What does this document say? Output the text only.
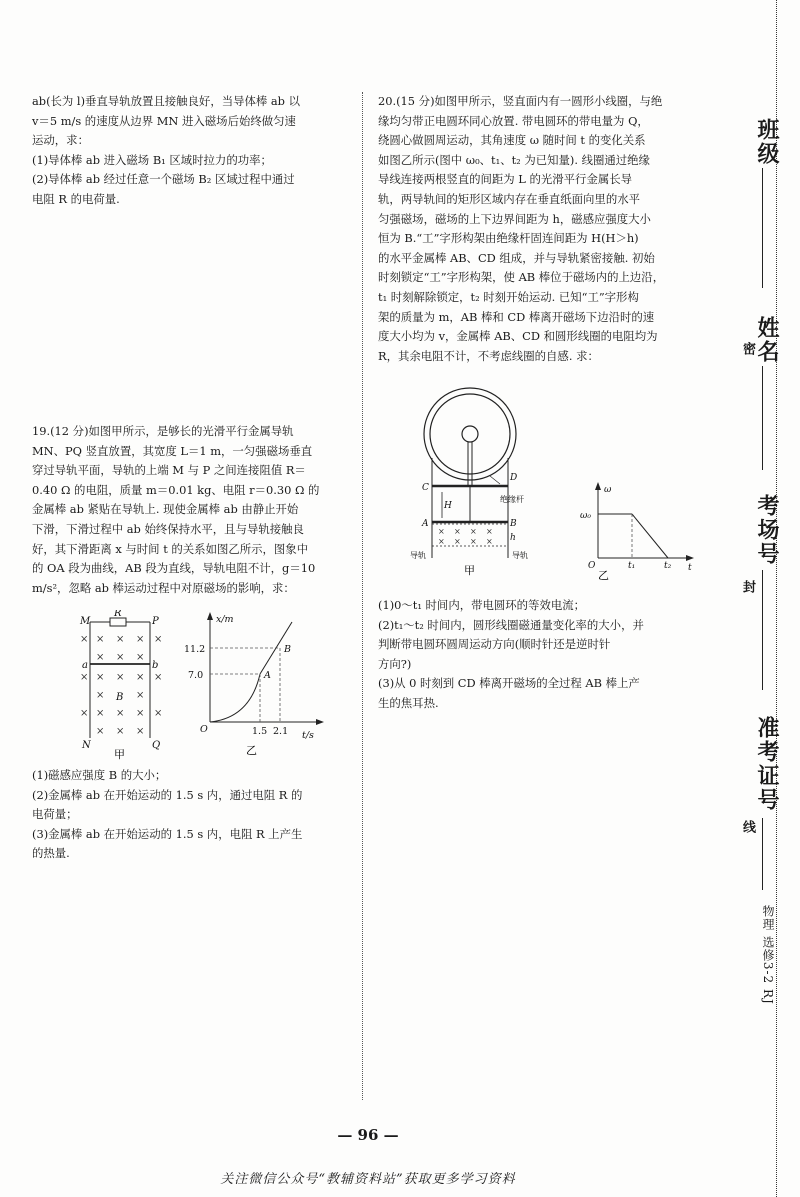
ab(长为 l)垂直导轨放置且接触良好，当导体棒 ab 以

v＝5 m/s 的速度从边界 MN 进入磁场后始终做匀速

运动，求：

(1)导体棒 ab 进入磁场 B₁ 区域时拉力的功率；

(2)导体棒 ab 经过任意一个磁场 B₂ 区域过程中通过

电阻 R 的电荷量.

19.(12 分)如图甲所示，是够长的光滑平行金属导轨

MN、PQ 竖直放置，其宽度 L＝1 m，一匀强磁场垂直

穿过导轨平面，导轨的上端 M 与 P 之间连接阻值 R＝

0.40 Ω 的电阻，质量 m＝0.01 kg、电阻 r＝0.30 Ω 的

金属棒 ab 紧贴在导轨上. 现使金属棒 ab 由静止开始

下滑，下滑过程中 ab 始终保持水平，且与导轨接触良

好，其下滑距离 x 与时间 t 的关系如图乙所示，图象中

的 OA 段为曲线，AB 段为直线，导轨电阻不计，g＝10

m/s²，忽略 ab 棒运动过程中对原磁场的影响，求：

× × ×
× × ×
× × ×
×	×
× × ×
× × ×
×	×
×	×
×	×
M
R
P
a	b
B
N	Q
甲
x/m
11.2
7.0	A
B
O	1.5 2.1 t/s
乙

(1)磁感应强度 B 的大小；

(2)金属棒 ab 在开始运动的 1.5 s 内，通过电阻 R 的

电荷量；

(3)金属棒 ab 在开始运动的 1.5 s 内，电阻 R 上产生

的热量.

20.(15 分)如图甲所示，竖直面内有一圆形小线圈，与绝

缘均匀带正电圆环同心放置. 带电圆环的带电量为 Q，

绕圆心做圆周运动，其角速度 ω 随时间 t 的变化关系

如图乙所示(图中 ω₀、t₁、t₂ 为已知量). 线圈通过绝缘

导线连接两根竖直的间距为 L 的光滑平行金属长导

轨，两导轨间的矩形区域内存在垂直纸面向里的水平

匀强磁场，磁场的上下边界间距为 h，磁感应强度大小

恒为 B.“工”字形构架由绝缘杆固连间距为 H(H＞h)

的水平金属棒 AB、CD 组成，并与导轨紧密接触. 初始

时刻锁定“工”字形构架，使 AB 棒位于磁场内的上边沿，

t₁ 时刻解除锁定，t₂ 时刻开始运动. 已知“工”字形构

架的质量为 m，AB 棒和 CD 棒离开磁场下边沿时的速

度大小均为 v，金属棒 AB、CD 和圆形线圈的电阻均为

R，其余电阻不计，不考虑线圈的自感. 求：

× × × ×
× × × ×
C
D
H
A	B
h
绝缘杆
导轨	导轨
甲
ω
ω₀
O	t₁	t₂ t
乙

(1)0～t₁ 时间内，带电圆环的等效电流；

(2)t₁～t₂ 时间内，圆形线圈磁通量变化率的大小，并

判断带电圆环圆周运动方向(顺时针还是逆时针

方向?)

(3)从 0 时刻到 CD 棒离开磁场的全过程 AB 棒上产

生的焦耳热.

班级
姓名
密
考场号
封
准考证号
线
物理 选修3-2 RJ
— 96 —
关注微信公众号“教辅资料站”获取更多学习资料
